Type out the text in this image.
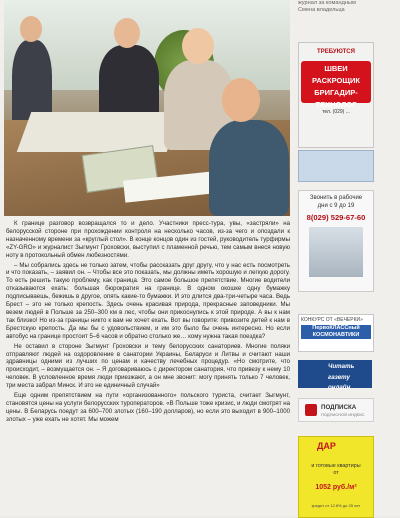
К границе разговор возвращался то и дело. Участники пресс-тура, увы, «застряли» на белорусской стороне при прохождении контроля на несколько часов, из-за чего и опоздали к назначенному времени за «круглый стол». В конце концов один из гостей, руководитель турфирмы «ZY-GRO» и журналист Зыгмунт Гроховски, выступил с пламенной речью, тем самым внеся новую ноту в протокольный обмен любезностями.

– Мы собрались здесь не только затем, чтобы рассказать друг другу, что у нас есть посмотреть и что показать, – заявил он. – Чтобы все это показать, мы должны иметь хорошую и легкую дорогу. То есть решить такую проблему, как граница. Это самое большое препятствие. Многие водители отказываются ехать: большая бюрократия на границе. В одном окошке одну бумажку подписываешь, бежишь в другое, опять какие-то бумажки. И это длится два-три-четыре часа. Ведь Брест – это не только крепость. Здесь очень красивая природа, прекрасные заповедники. Мы везем людей в Польше за 250–300 км в лес, чтобы они прикоснулись к этой природе. А вы к нам так близко! Но из-за границы никто к вам не хочет ехать. Вот вы говорите: привозите детей к нам в Брестскую крепость. Да мы бы с удовольствием, и им это было бы очень интересно. Но если автобус на границе простоит 5–6 часов и обратно столько же… кому нужна такая поездка?

Не оставил в стороне Зыгмунт Гроховски и тему белорусских санаториев. Многие поляки отправляют людей на оздоровление в санатории Украины, Беларуси и Литвы и считают наши здравницы одними из лучших по ценам и качеству лечебных процедур. «Но смотрите, что происходит, – возмущается он. – Я договариваюсь с директором санатория, что привезу к нему 10 человек. В условленное время люди приезжают, а он мне звонит: могу принять только 7 человек, три места забрал Минск. И это не единичный случай»

Еще одним препятствием на пути «организованного» польского туриста, считает Зыгмунт, становятся цены на услуги белорусских туроператоров. «В Польше тоже кризис, и люди смотрят на цены. В Беларусь поедут за 600–700 злотых (160–190 долларов), но если это выходит в 900–1000 злотых – уже ехать не хотят. Мы можем

журнал за командным
Смена владельца
ТРЕБУЮТСЯ
ШВЕИ
РАСКРОЩИК
БРИГАДИР-
ТЕХНОЛОГ
тел. (029) ...
Звонить в рабочие
дни с 9 до 19
8(029) 529-67-60
КОНКУРС ОТ «ВЕЧЕРКИ»
ПервоКЛАССный
КОСМОНАВТИКИ
Читать
газету
онлайн
ПОДПИСКА
ПОДПИСНОЙ ИНДЕКС
ДАР
и готовые квартиры
от
1052 руб./м²
кредит от 12.8% до 25 лет
